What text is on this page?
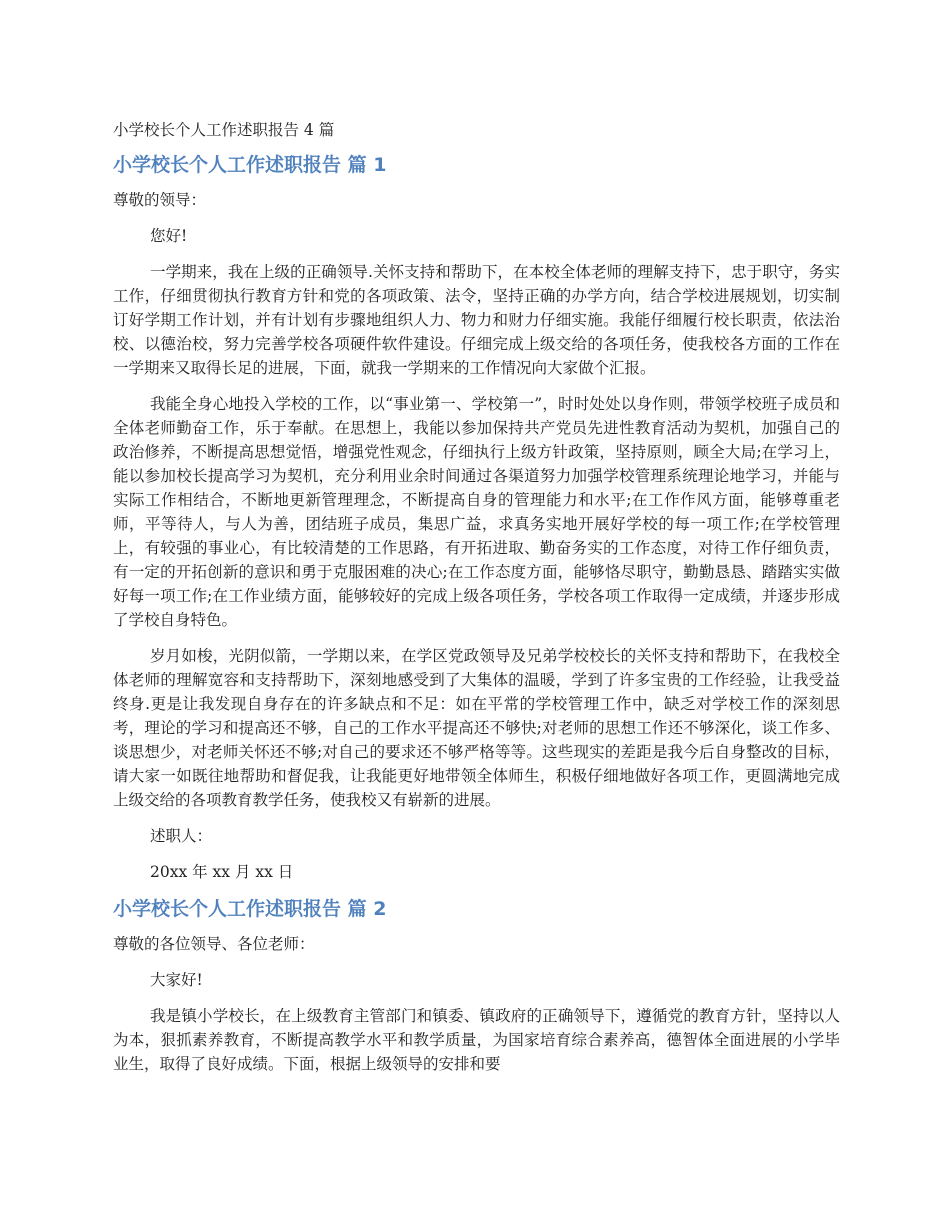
小学校长个人工作述职报告 4 篇
小学校长个人工作述职报告 篇 1
尊敬的领导：
您好!

一学期来，我在上级的正确领导.关怀支持和帮助下，在本校全体老师的理解支持下，忠于职守，务实工作，仔细贯彻执行教育方针和党的各项政策、法令，坚持正确的办学方向，结合学校进展规划，切实制订好学期工作计划，并有计划有步骤地组织人力、物力和财力仔细实施。我能仔细履行校长职责，依法治校、以德治校，努力完善学校各项硬件软件建设。仔细完成上级交给的各项任务，使我校各方面的工作在一学期来又取得长足的进展，下面，就我一学期来的工作情况向大家做个汇报。

我能全身心地投入学校的工作，以“事业第一、学校第一”，时时处处以身作则，带领学校班子成员和全体老师勤奋工作，乐于奉献。在思想上，我能以参加保持共产党员先进性教育活动为契机，加强自己的政治修养，不断提高思想觉悟，增强党性观念，仔细执行上级方针政策，坚持原则，顾全大局;在学习上，能以参加校长提高学习为契机，充分利用业余时间通过各渠道努力加强学校管理系统理论地学习，并能与实际工作相结合，不断地更新管理理念，不断提高自身的管理能力和水平;在工作作风方面，能够尊重老师，平等待人，与人为善，团结班子成员，集思广益，求真务实地开展好学校的每一项工作;在学校管理上，有较强的事业心，有比较清楚的工作思路，有开拓进取、勤奋务实的工作态度，对待工作仔细负责，有一定的开拓创新的意识和勇于克服困难的决心;在工作态度方面，能够恪尽职守，勤勤恳恳、踏踏实实做好每一项工作;在工作业绩方面，能够较好的完成上级各项任务，学校各项工作取得一定成绩，并逐步形成了学校自身特色。

岁月如梭，光阴似箭，一学期以来，在学区党政领导及兄弟学校校长的关怀支持和帮助下，在我校全体老师的理解宽容和支持帮助下，深刻地感受到了大集体的温暖，学到了许多宝贵的工作经验，让我受益终身.更是让我发现自身存在的许多缺点和不足：如在平常的学校管理工作中，缺乏对学校工作的深刻思考，理论的学习和提高还不够，自己的工作水平提高还不够快;对老师的思想工作还不够深化，谈工作多、谈思想少，对老师关怀还不够;对自己的要求还不够严格等等。这些现实的差距是我今后自身整改的目标，请大家一如既往地帮助和督促我，让我能更好地带领全体师生，积极仔细地做好各项工作，更圆满地完成上级交给的各项教育教学任务，使我校又有崭新的进展。

述职人：
20xx 年 xx 月 xx 日
小学校长个人工作述职报告 篇 2
尊敬的各位领导、各位老师：
大家好!

我是镇小学校长，在上级教育主管部门和镇委、镇政府的正确领导下，遵循党的教育方针，坚持以人为本，狠抓素养教育，不断提高教学水平和教学质量，为国家培育综合素养高，德智体全面进展的小学毕业生，取得了良好成绩。下面，根据上级领导的安排和要
